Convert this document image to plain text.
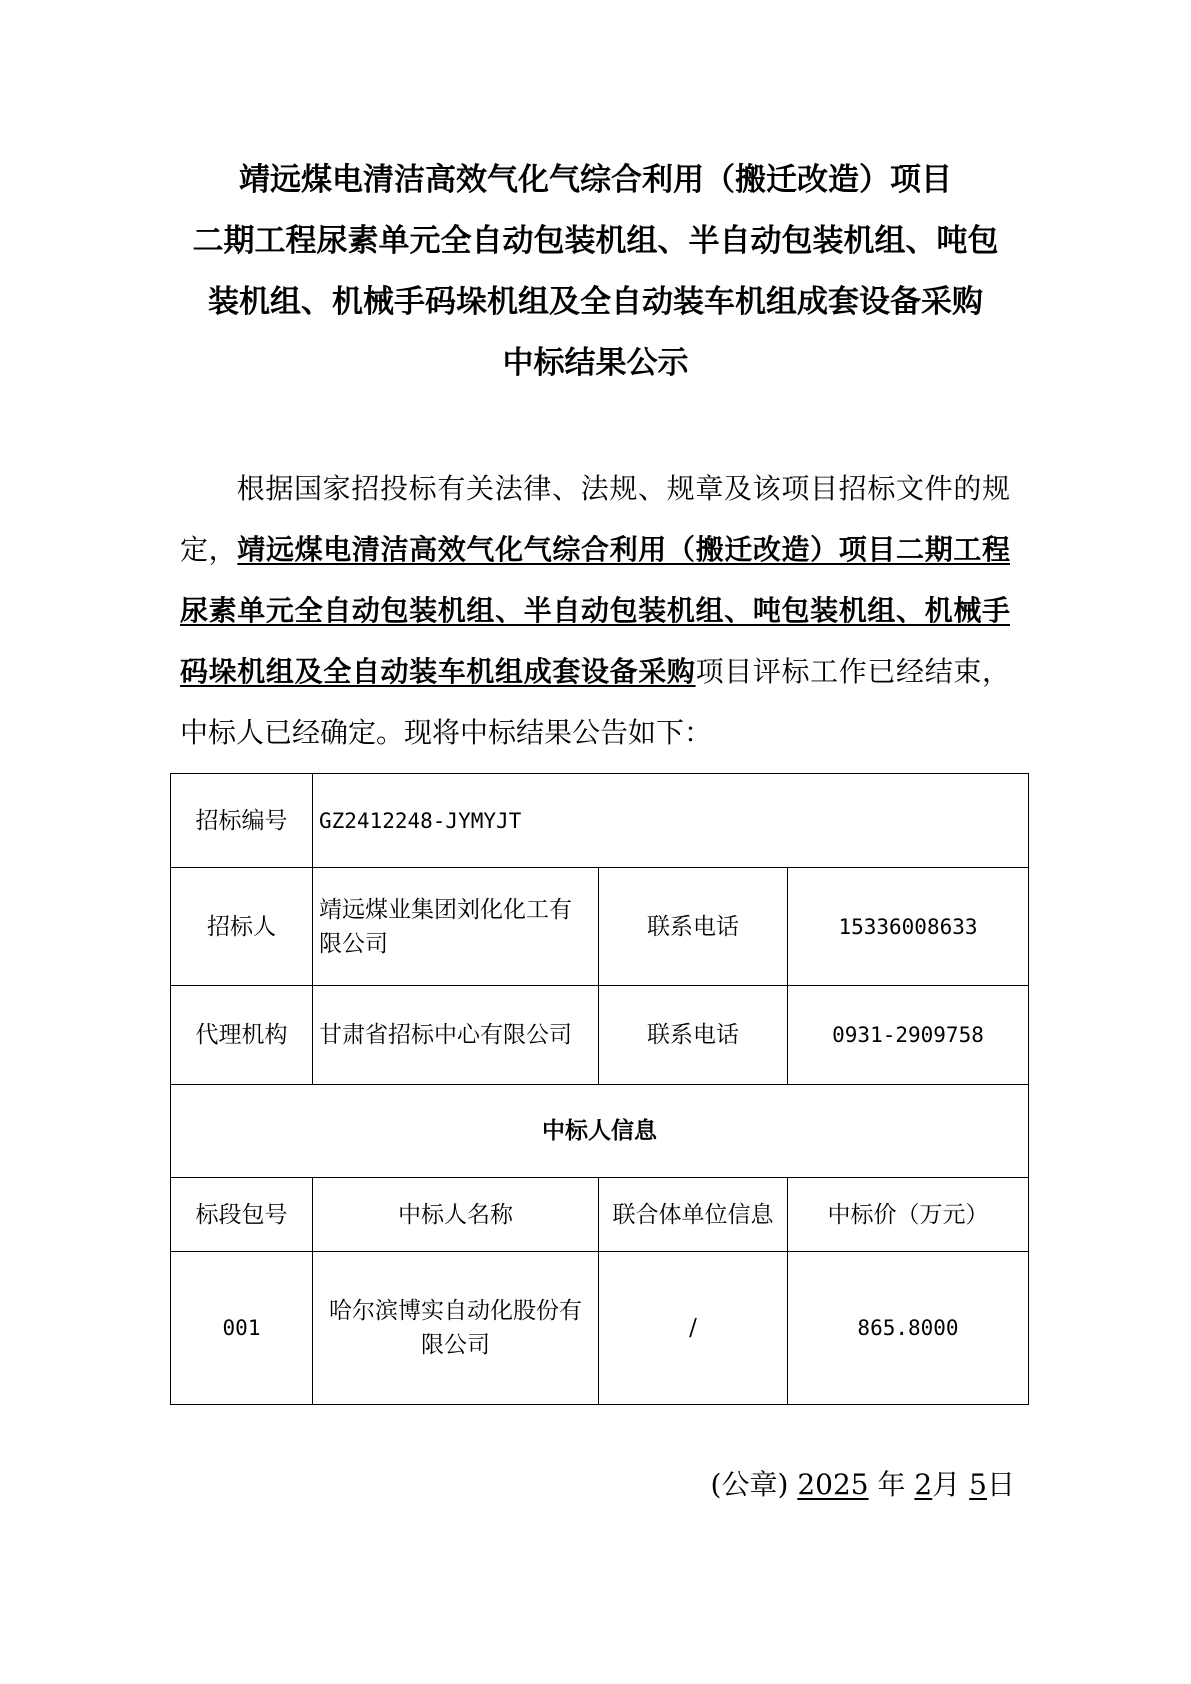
靖远煤电清洁高效气化气综合利用（搬迁改造）项目
二期工程尿素单元全自动包装机组、半自动包装机组、吨包
装机组、机械手码垛机组及全自动装车机组成套设备采购
中标结果公示
根据国家招投标有关法律、法规、规章及该项目招标文件的规定，靖远煤电清洁高效气化气综合利用（搬迁改造）项目二期工程尿素单元全自动包装机组、半自动包装机组、吨包装机组、机械手码垛机组及全自动装车机组成套设备采购项目评标工作已经结束，中标人已经确定。现将中标结果公告如下：
招标编号	GZ2412248-JYMYJT		
招标人	靖远煤业集团刘化化工有限公司	联系电话	15336008633
代理机构	甘肃省招标中心有限公司	联系电话	0931-2909758
中标人信息			
标段包号	中标人名称	联合体单位信息	中标价（万元）
001	哈尔滨博实自动化股份有限公司	/	865.8000
(公章) 2025 年 2月 5日
